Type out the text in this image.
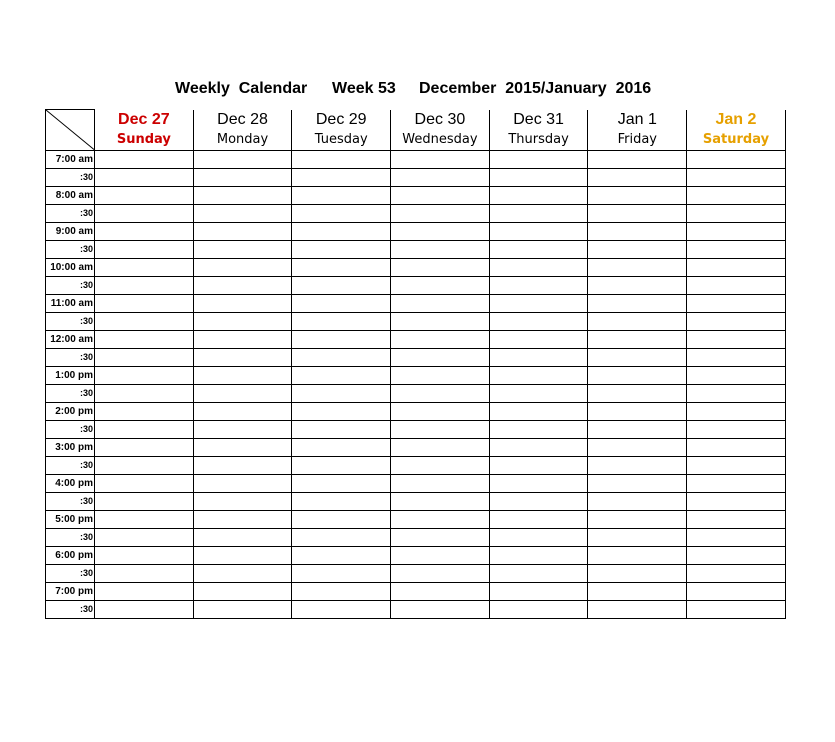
Weekly  Calendar Week 53 December  2015/January  2016
	Dec 27	Dec 28	Dec 29	Dec 30	Dec 31	Jan 1	Jan 2
	Sunday	Monday	Tuesday	Wednesday	Thursday	Friday	Saturday
7:00 am							
:30							
8:00 am							
:30							
9:00 am							
:30							
10:00 am							
:30							
11:00 am							
:30							
12:00 am							
:30							
1:00 pm							
:30							
2:00 pm							
:30							
3:00 pm							
:30							
4:00 pm							
:30							
5:00 pm							
:30							
6:00 pm							
:30							
7:00 pm							
:30							
